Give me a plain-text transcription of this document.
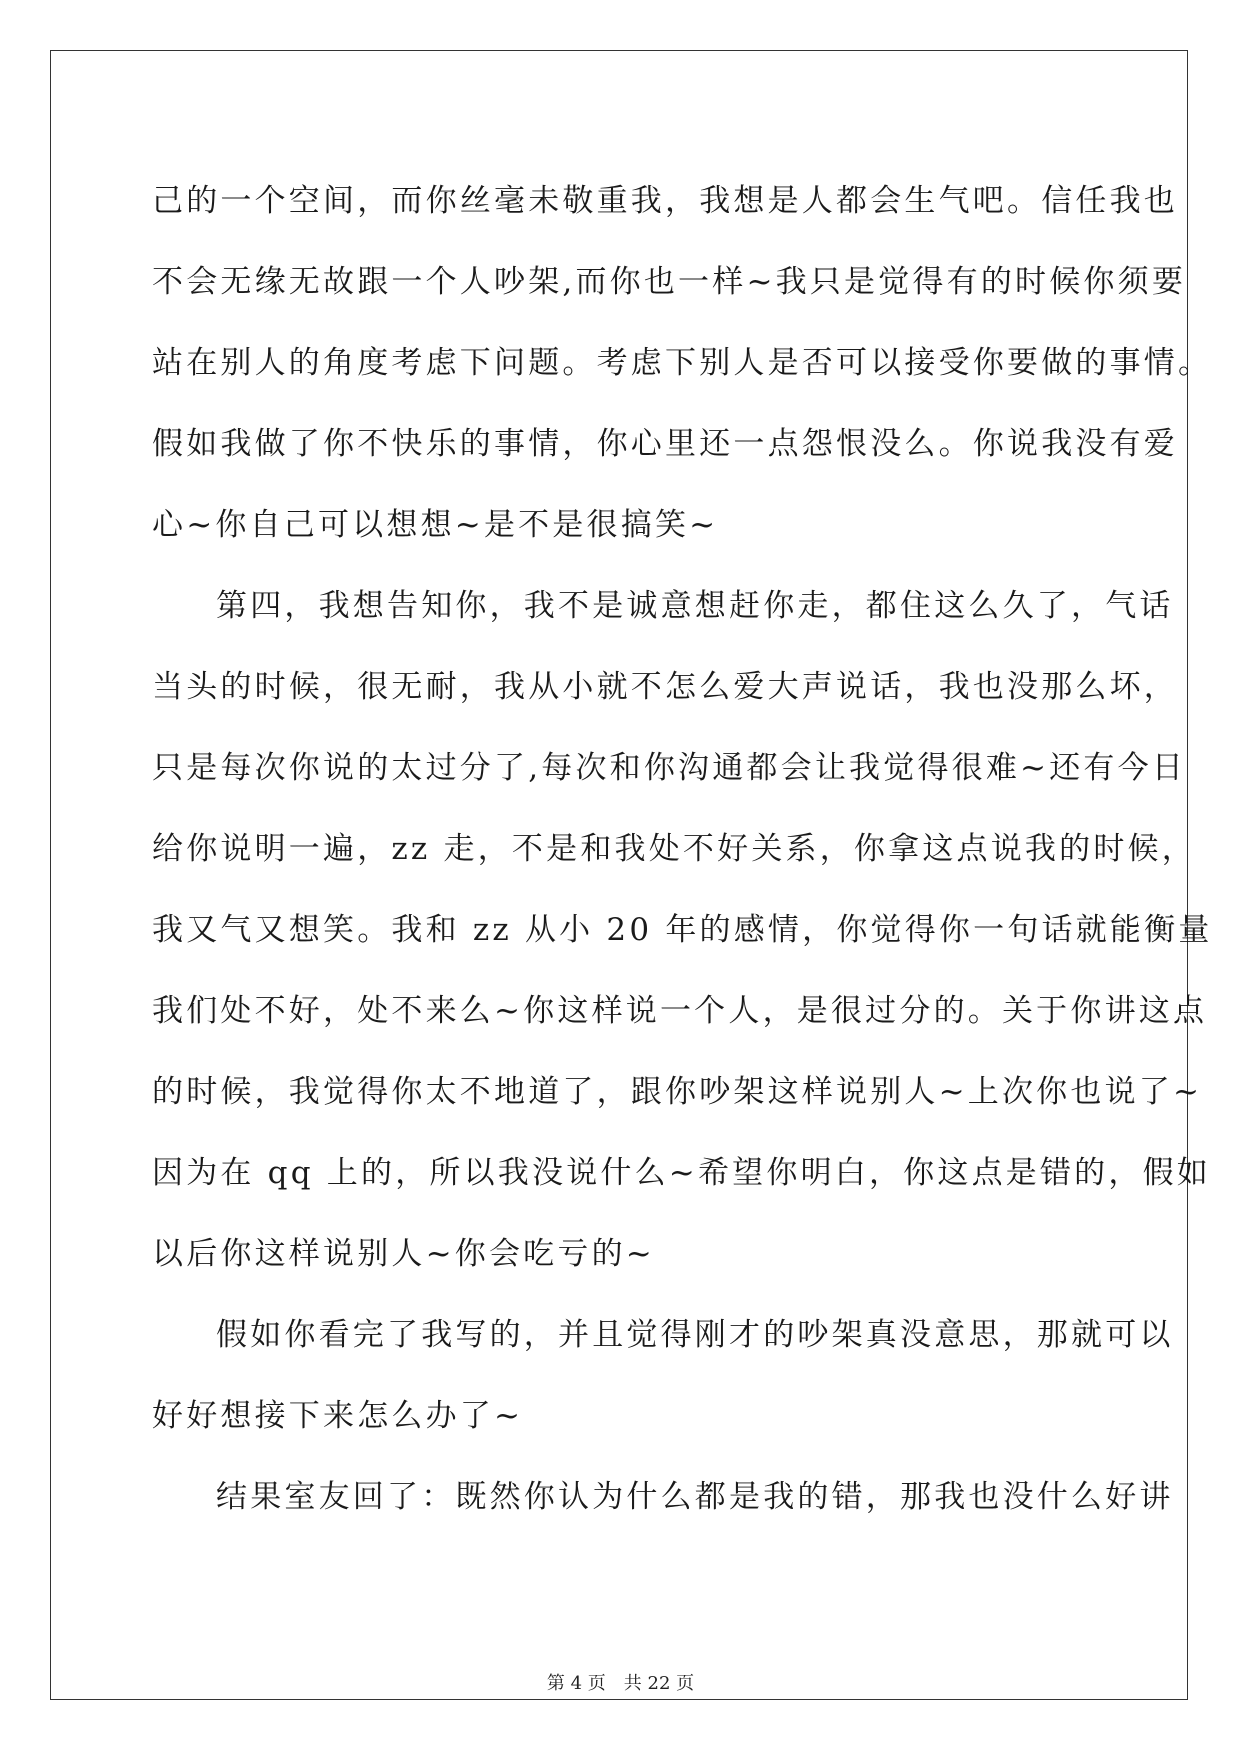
己的一个空间，而你丝毫未敬重我，我想是人都会生气吧。信任我也
不会无缘无故跟一个人吵架,而你也一样~我只是觉得有的时候你须要
站在别人的角度考虑下问题。考虑下别人是否可以接受你要做的事情。
假如我做了你不快乐的事情，你心里还一点怨恨没么。你说我没有爱
心~你自己可以想想~是不是很搞笑~
第四，我想告知你，我不是诚意想赶你走，都住这么久了，气话
当头的时候，很无耐，我从小就不怎么爱大声说话，我也没那么坏，
只是每次你说的太过分了,每次和你沟通都会让我觉得很难~还有今日
给你说明一遍，zz 走，不是和我处不好关系，你拿这点说我的时候，
我又气又想笑。我和 zz 从小 20 年的感情，你觉得你一句话就能衡量
我们处不好，处不来么~你这样说一个人，是很过分的。关于你讲这点
的时候，我觉得你太不地道了，跟你吵架这样说别人~上次你也说了~
因为在 qq 上的，所以我没说什么~希望你明白，你这点是错的，假如
以后你这样说别人~你会吃亏的~
假如你看完了我写的，并且觉得刚才的吵架真没意思，那就可以
好好想接下来怎么办了~
结果室友回了：既然你认为什么都是我的错，那我也没什么好讲
第 4 页　共 22 页
